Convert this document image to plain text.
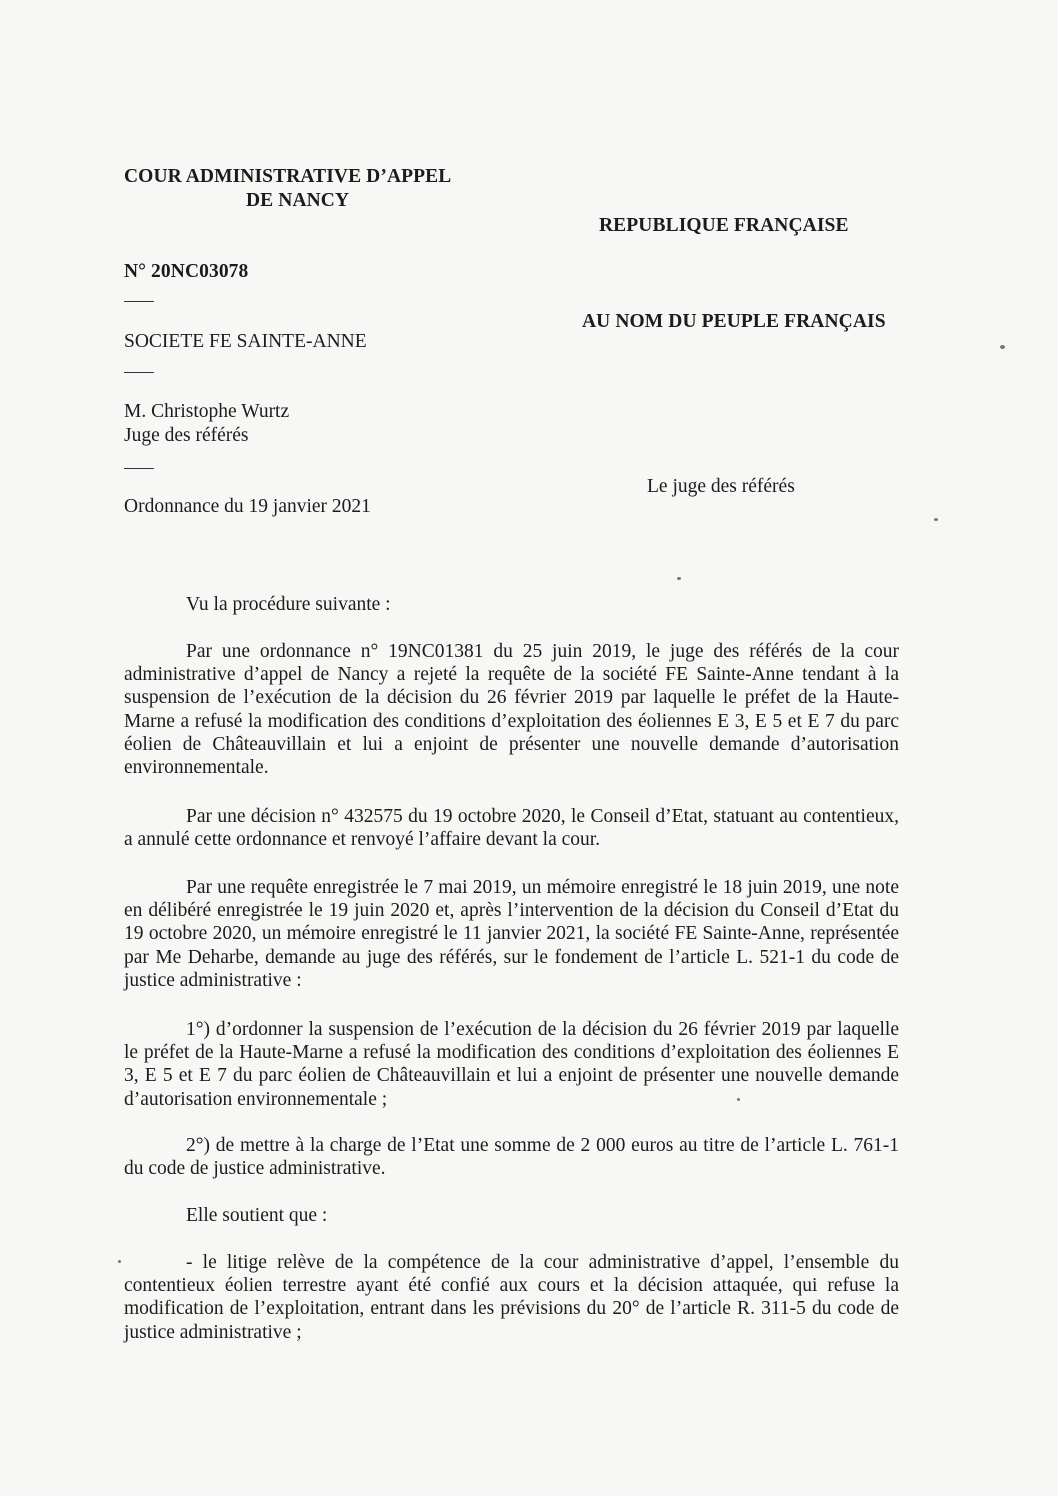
COUR ADMINISTRATIVE D’APPEL
DE NANCY
REPUBLIQUE FRANÇAISE
N° 20NC03078
AU NOM DU PEUPLE FRANÇAIS
SOCIETE FE SAINTE-ANNE
M. Christophe Wurtz
Juge des référés
Le juge des référés
Ordonnance du 19 janvier 2021
Vu la procédure suivante :
Par une ordonnance n° 19NC01381 du 25 juin 2019, le juge des référés de la cour administrative d’appel de Nancy a rejeté la requête de la société FE Sainte-Anne tendant à la suspension de l’exécution de la décision du 26 février 2019 par laquelle le préfet de la Haute-Marne a refusé la modification des conditions d’exploitation des éoliennes E 3, E 5 et E 7 du parc éolien de Châteauvillain et lui a enjoint de présenter une nouvelle demande d’autorisation environnementale.
Par une décision n° 432575 du 19 octobre 2020, le Conseil d’Etat, statuant au contentieux, a annulé cette ordonnance et renvoyé l’affaire devant la cour.
Par une requête enregistrée le 7 mai 2019, un mémoire enregistré le 18 juin 2019, une note en délibéré enregistrée le 19 juin 2020 et, après l’intervention de la décision du Conseil d’Etat du 19 octobre 2020, un mémoire enregistré le 11 janvier 2021, la société FE Sainte-Anne, représentée par Me Deharbe, demande au juge des référés, sur le fondement de l’article L. 521-1 du code de justice administrative :
1°) d’ordonner la suspension de l’exécution de la décision du 26 février 2019 par laquelle le préfet de la Haute-Marne a refusé la modification des conditions d’exploitation des éoliennes E 3, E 5 et E 7 du parc éolien de Châteauvillain et lui a enjoint de présenter une nouvelle demande d’autorisation environnementale ;
2°) de mettre à la charge de l’Etat une somme de 2 000 euros au titre de l’article L. 761-1 du code de justice administrative.
Elle soutient que :
- le litige relève de la compétence de la cour administrative d’appel, l’ensemble du contentieux éolien terrestre ayant été confié aux cours et la décision attaquée, qui refuse la modification de l’exploitation, entrant dans les prévisions du 20° de l’article R. 311-5 du code de justice administrative ;
